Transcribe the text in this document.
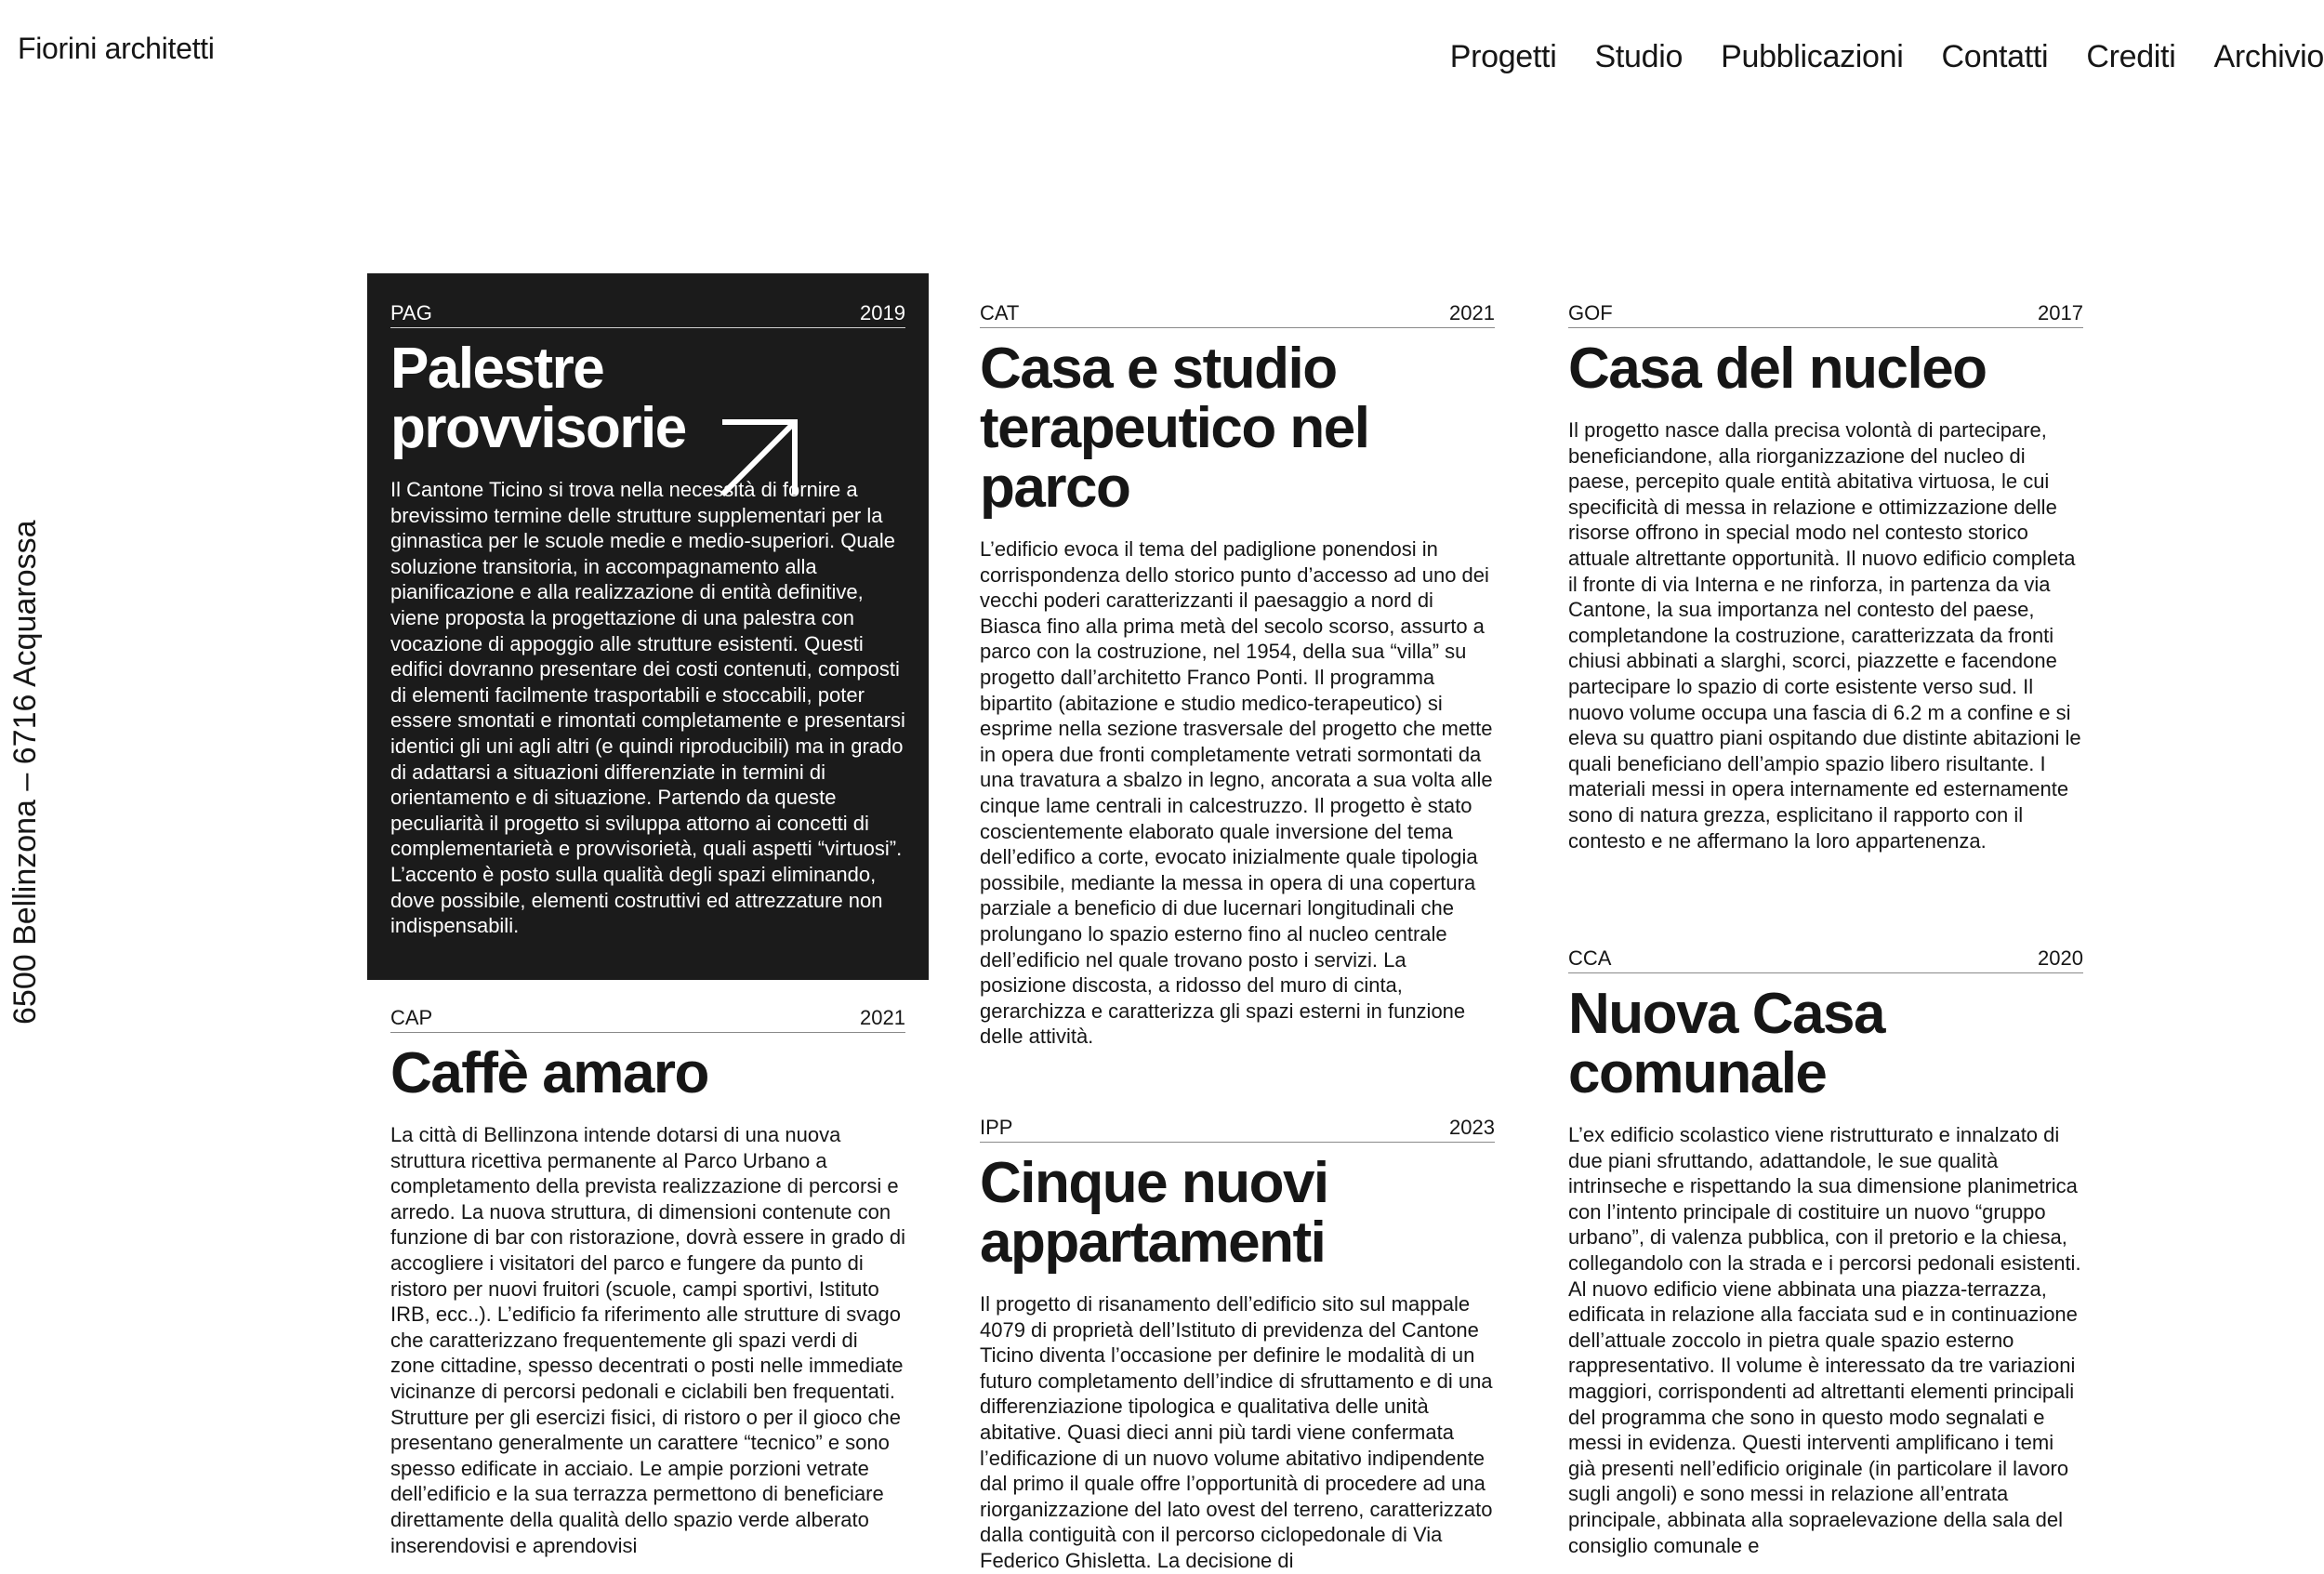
Fiorini architetti	Progetti Studio Pubblicazioni Contatti Crediti Archivio
6500 Bellinzona – 6716 Acquarossa
PAG	2019
Palestre provvisorie

Il Cantone Ticino si trova nella necessità di fornire a brevissimo termine delle strutture supplementari per la ginnastica per le scuole medie e medio-superiori. Quale soluzione transitoria, in accompagnamento alla pianificazione e alla realizzazione di entità definitive, viene proposta la progettazione di una palestra con vocazione di appoggio alle strutture esistenti. Questi edifici dovranno presentare dei costi contenuti, composti di elementi facilmente trasportabili e stoccabili, poter essere smontati e rimontati completamente e presentarsi identici gli uni agli altri (e quindi riproducibili) ma in grado di adattarsi a situazioni differenziate in termini di orientamento e di situazione. Partendo da queste peculiarità il progetto si sviluppa attorno ai concetti di complementarietà e provvisorietà, quali aspetti “virtuosi”. L’accento è posto sulla qualità degli spazi eliminando, dove possibile, elementi costruttivi ed attrezzature non indispensabili.

CAT	2021
Casa e studio terapeutico nel parco

L’edificio evoca il tema del padiglione ponendosi in corrispondenza dello storico punto d’accesso ad uno dei vecchi poderi caratterizzanti il paesaggio a nord di Biasca fino alla prima metà del secolo scorso, assurto a parco con la costruzione, nel 1954, della sua “villa” su progetto dall’architetto Franco Ponti. Il programma bipartito (abitazione e studio medico-terapeutico) si esprime nella sezione trasversale del progetto che mette in opera due fronti completamente vetrati sormontati da una travatura a sbalzo in legno, ancorata a sua volta alle cinque lame centrali in calcestruzzo. Il progetto è stato coscientemente elaborato quale inversione del tema dell’edifico a corte, evocato inizialmente quale tipologia possibile, mediante la messa in opera di una copertura parziale a beneficio di due lucernari longitudinali che prolungano lo spazio esterno fino al nucleo centrale dell’edificio nel quale trovano posto i servizi. La posizione discosta, a ridosso del muro di cinta, gerarchizza e caratterizza gli spazi esterni in funzione delle attività.

GOF	2017
Casa del nucleo

Il progetto nasce dalla precisa volontà di partecipare, beneficiandone, alla riorganizzazione del nucleo di paese, percepito quale entità abitativa virtuosa, le cui specificità di messa in relazione e ottimizzazione delle risorse offrono in special modo nel contesto storico attuale altrettante opportunità. Il nuovo edificio completa il fronte di via Interna e ne rinforza, in partenza da via Cantone, la sua importanza nel contesto del paese, completandone la costruzione, caratterizzata da fronti chiusi abbinati a slarghi, scorci, piazzette e facendone partecipare lo spazio di corte esistente verso sud. Il nuovo volume occupa una fascia di 6.2 m a confine e si eleva su quattro piani ospitando due distinte abitazioni le quali beneficiano dell’ampio spazio libero risultante. I materiali messi in opera internamente ed esternamente sono di natura grezza, esplicitano il rapporto con il contesto e ne affermano la loro appartenenza.

CAP	2021
Caffè amaro

La città di Bellinzona intende dotarsi di una nuova struttura ricettiva permanente al Parco Urbano a completamento della prevista realizzazione di percorsi e arredo. La nuova struttura, di dimensioni contenute con funzione di bar con ristorazione, dovrà essere in grado di accogliere i visitatori del parco e fungere da punto di ristoro per nuovi fruitori (scuole, campi sportivi, Istituto IRB, ecc..). L’edificio fa riferimento alle strutture di svago che caratterizzano frequentemente gli spazi verdi di zone cittadine, spesso decentrati o posti nelle immediate vicinanze di percorsi pedonali e ciclabili ben frequentati. Strutture per gli esercizi fisici, di ristoro o per il gioco che presentano generalmente un carattere “tecnico” e sono spesso edificate in acciaio. Le ampie porzioni vetrate dell’edificio e la sua terrazza permettono di beneficiare direttamente della qualità dello spazio verde alberato inserendovisi e aprendovisi

IPP	2023
Cinque nuovi appartamenti

Il progetto di risanamento dell’edificio sito sul mappale 4079 di proprietà dell’Istituto di previdenza del Cantone Ticino diventa l’occasione per definire le modalità di un futuro completamento dell’indice di sfruttamento e di una differenziazione tipologica e qualitativa delle unità abitative. Quasi dieci anni più tardi viene confermata l’edificazione di un nuovo volume abitativo indipendente dal primo il quale offre l’opportunità di procedere ad una riorganizzazione del lato ovest del terreno, caratterizzato dalla contiguità con il percorso ciclopedonale di Via Federico Ghisletta. La decisione di

CCA	2020
Nuova Casa comunale

L’ex edificio scolastico viene ristrutturato e innalzato di due piani sfruttando, adattandole, le sue qualità intrinseche e rispettando la sua dimensione planimetrica con l’intento principale di costituire un nuovo “gruppo urbano”, di valenza pubblica, con il pretorio e la chiesa, collegandolo con la strada e i percorsi pedonali esistenti. Al nuovo edificio viene abbinata una piazza-terrazza, edificata in relazione alla facciata sud e in continuazione dell’attuale zoccolo in pietra quale spazio esterno rappresentativo. Il volume è interessato da tre variazioni maggiori, corrispondenti ad altrettanti elementi principali del programma che sono in questo modo segnalati e messi in evidenza. Questi interventi amplificano i temi già presenti nell’edificio originale (in particolare il lavoro sugli angoli) e sono messi in relazione all’entrata principale, abbinata alla sopraelevazione della sala del consiglio comunale e
